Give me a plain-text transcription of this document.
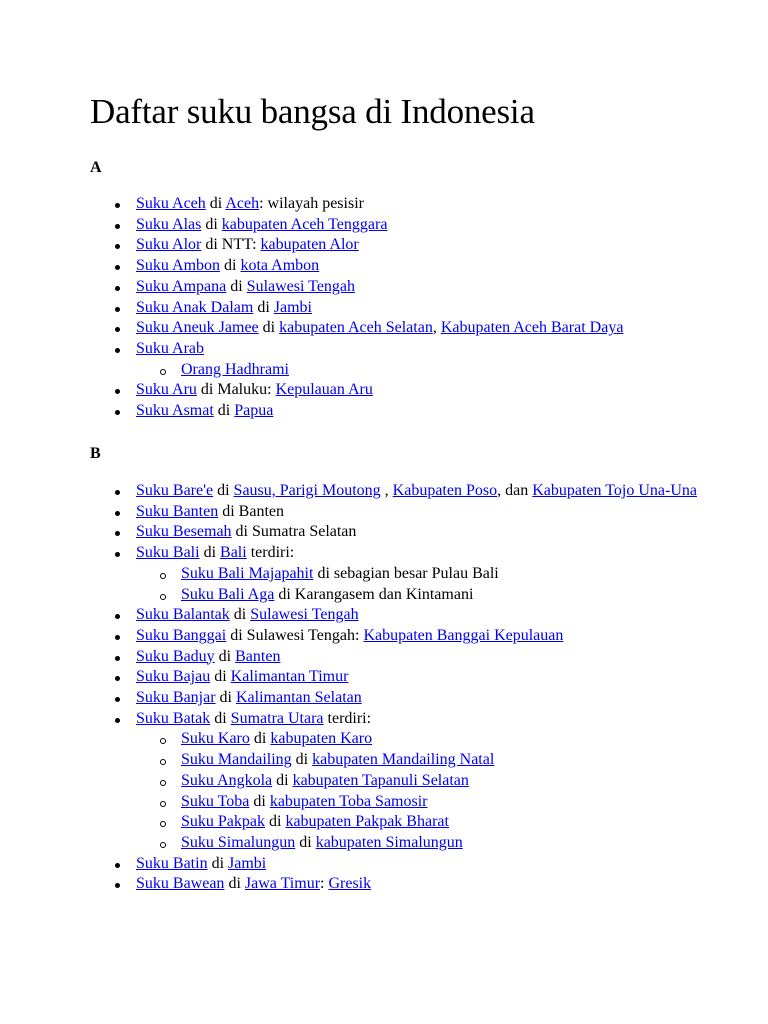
Daftar suku bangsa di Indonesia
A
Suku Aceh di Aceh: wilayah pesisir
Suku Alas di kabupaten Aceh Tenggara
Suku Alor di NTT: kabupaten Alor
Suku Ambon di kota Ambon
Suku Ampana di Sulawesi Tengah
Suku Anak Dalam di Jambi
Suku Aneuk Jamee di kabupaten Aceh Selatan, Kabupaten Aceh Barat Daya
Suku Arab
Orang Hadhrami
Suku Aru di Maluku: Kepulauan Aru
Suku Asmat di Papua
B
Suku Bare'e di Sausu, Parigi Moutong , Kabupaten Poso, dan Kabupaten Tojo Una-Una
Suku Banten di Banten
Suku Besemah di Sumatra Selatan
Suku Bali di Bali terdiri:
Suku Bali Majapahit di sebagian besar Pulau Bali
Suku Bali Aga di Karangasem dan Kintamani
Suku Balantak di Sulawesi Tengah
Suku Banggai di Sulawesi Tengah: Kabupaten Banggai Kepulauan
Suku Baduy di Banten
Suku Bajau di Kalimantan Timur
Suku Banjar di Kalimantan Selatan
Suku Batak di Sumatra Utara terdiri:
Suku Karo di kabupaten Karo
Suku Mandailing di kabupaten Mandailing Natal
Suku Angkola di kabupaten Tapanuli Selatan
Suku Toba di kabupaten Toba Samosir
Suku Pakpak di kabupaten Pakpak Bharat
Suku Simalungun di kabupaten Simalungun
Suku Batin di Jambi
Suku Bawean di Jawa Timur: Gresik
